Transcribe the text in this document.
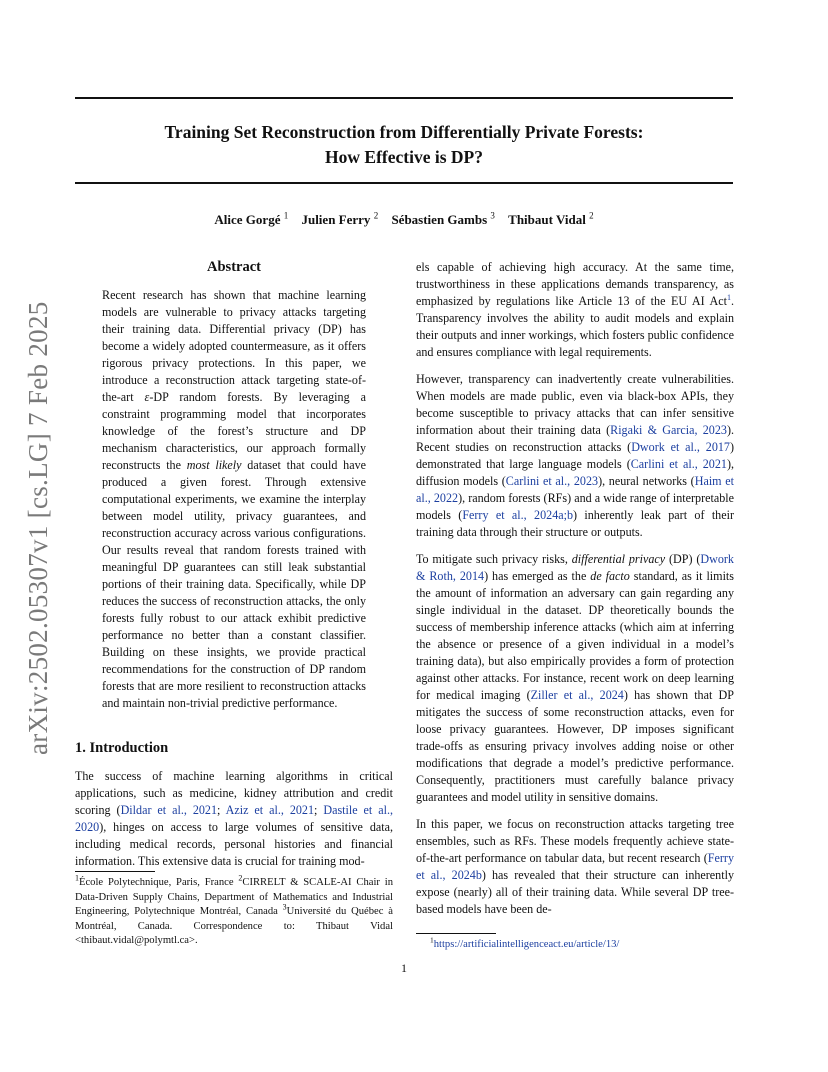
arXiv:2502.05307v1 [cs.LG] 7 Feb 2025
Training Set Reconstruction from Differentially Private Forests:
How Effective is DP?
Alice Gorgé $^1$ Julien Ferry $^2$ Sébastien Gambs $^3$ Thibaut Vidal $^2$
Abstract
Recent research has shown that machine learning models are vulnerable to privacy attacks targeting their training data. Differential privacy (DP) has become a widely adopted countermeasure, as it offers rigorous privacy protections. In this paper, we introduce a reconstruction attack targeting state-of-the-art ε-DP random forests. By leveraging a constraint programming model that incorporates knowledge of the forest’s structure and DP mechanism characteristics, our approach formally reconstructs the most likely dataset that could have produced a given forest. Through extensive computational experiments, we examine the interplay between model utility, privacy guarantees, and reconstruction accuracy across various configurations. Our results reveal that random forests trained with meaningful DP guarantees can still leak substantial portions of their training data. Specifically, while DP reduces the success of reconstruction attacks, the only forests fully robust to our attack exhibit predictive performance no better than a constant classifier. Building on these insights, we provide practical recommendations for the construction of DP random forests that are more resilient to reconstruction attacks and maintain non-trivial predictive performance.
1. Introduction
The success of machine learning algorithms in critical applications, such as medicine, kidney attribution and credit scoring (Dildar et al., 2021; Aziz et al., 2021; Dastile et al., 2020), hinges on access to large volumes of sensitive data, including medical records, personal histories and financial information. This extensive data is crucial for training mod-
$^1$École Polytechnique, Paris, France $^2$CIRRELT & SCALE-AI Chair in Data-Driven Supply Chains, Department of Mathematics and Industrial Engineering, Polytechnique Montréal, Canada $^3$Université du Québec à Montréal, Canada. Correspondence to: Thibaut Vidal <thibaut.vidal@polymtl.ca>.

els capable of achieving high accuracy. At the same time, trustworthiness in these applications demands transparency, as emphasized by regulations like Article 13 of the EU AI Act$^1$. Transparency involves the ability to audit models and explain their outputs and inner workings, which fosters public confidence and ensures compliance with legal requirements.

However, transparency can inadvertently create vulnerabilities. When models are made public, even via black-box APIs, they become susceptible to privacy attacks that can infer sensitive information about their training data (Rigaki & Garcia, 2023). Recent studies on reconstruction attacks (Dwork et al., 2017) demonstrated that large language models (Carlini et al., 2021), diffusion models (Carlini et al., 2023), neural networks (Haim et al., 2022), random forests (RFs) and a wide range of interpretable models (Ferry et al., 2024a;b) inherently leak part of their training data through their structure or outputs.

To mitigate such privacy risks, differential privacy (DP) (Dwork & Roth, 2014) has emerged as the de facto standard, as it limits the amount of information an adversary can gain regarding any single individual in the dataset. DP theoretically bounds the success of membership inference attacks (which aim at inferring the absence or presence of a given individual in a model’s training data), but also empirically provides a form of protection against other attacks. For instance, recent work on deep learning for medical imaging (Ziller et al., 2024) has shown that DP mitigates the success of some reconstruction attacks, even for loose privacy guarantees. However, DP imposes significant trade-offs as ensuring privacy involves adding noise or other modifications that degrade a model’s predictive performance. Consequently, practitioners must carefully balance privacy guarantees and model utility in sensitive domains.

In this paper, we focus on reconstruction attacks targeting tree ensembles, such as RFs. These models frequently achieve state-of-the-art performance on tabular data, but recent research (Ferry et al., 2024b) has revealed that their structure can inherently expose (nearly) all of their training data. While several DP tree-based models have been de-

$^1$https://artificialintelligenceact.eu/article/13/
1
